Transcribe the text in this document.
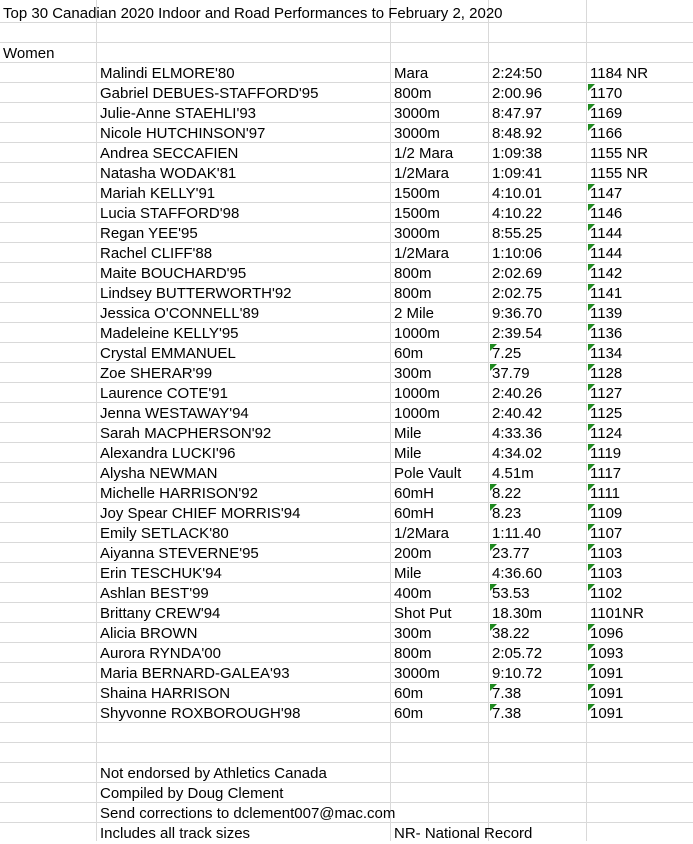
Top 30 Canadian 2020 Indoor and Road Performances to February 2, 2020
Women
Malindi ELMORE'80	Mara	2:24:50	1184 NR
Gabriel DEBUES-STAFFORD'95	800m	2:00.96	1170
Julie-Anne STAEHLI'93	3000m	8:47.97	1169
Nicole HUTCHINSON'97	3000m	8:48.92	1166
Andrea SECCAFIEN	1/2 Mara	1:09:38	1155 NR
Natasha WODAK'81	1/2Mara	1:09:41	1155 NR
Mariah KELLY'91	1500m	4:10.01	1147
Lucia STAFFORD'98	1500m	4:10.22	1146
Regan YEE'95	3000m	8:55.25	1144
Rachel CLIFF'88	1/2Mara	1:10:06	1144
Maite BOUCHARD'95	800m	2:02.69	1142
Lindsey BUTTERWORTH'92	800m	2:02.75	1141
Jessica O'CONNELL'89	2 Mile	9:36.70	1139
Madeleine KELLY'95	1000m	2:39.54	1136
Crystal EMMANUEL	60m	7.25	1134
Zoe SHERAR'99	300m	37.79	1128
Laurence COTE'91	1000m	2:40.26	1127
Jenna WESTAWAY'94	1000m	2:40.42	1125
Sarah MACPHERSON'92	Mile	4:33.36	1124
Alexandra LUCKI'96	Mile	4:34.02	1119
Alysha NEWMAN	Pole Vault 4.51m	1117
Michelle HARRISON'92	60mH	8.22	1111
Joy Spear CHIEF MORRIS'94	60mH	8.23	1109
Emily SETLACK'80	1/2Mara	1:11.40	1107
Aiyanna STEVERNE'95	200m	23.77	1103
Erin TESCHUK'94	Mile	4:36.60	1103
Ashlan BEST'99	400m	53.53	1102
Brittany CREW'94	Shot Put	18.30m	1101NR
Alicia BROWN	300m	38.22	1096
Aurora RYNDA'00	800m	2:05.72	1093
Maria BERNARD-GALEA'93	3000m	9:10.72	1091
Shaina HARRISON	60m	7.38	1091
Shyvonne ROXBOROUGH'98	60m	7.38	1091
Not endorsed by Athletics Canada
Compiled by Doug Clement
Send corrections to dclement007@mac.com
Includes all track sizes	NR- National Record
